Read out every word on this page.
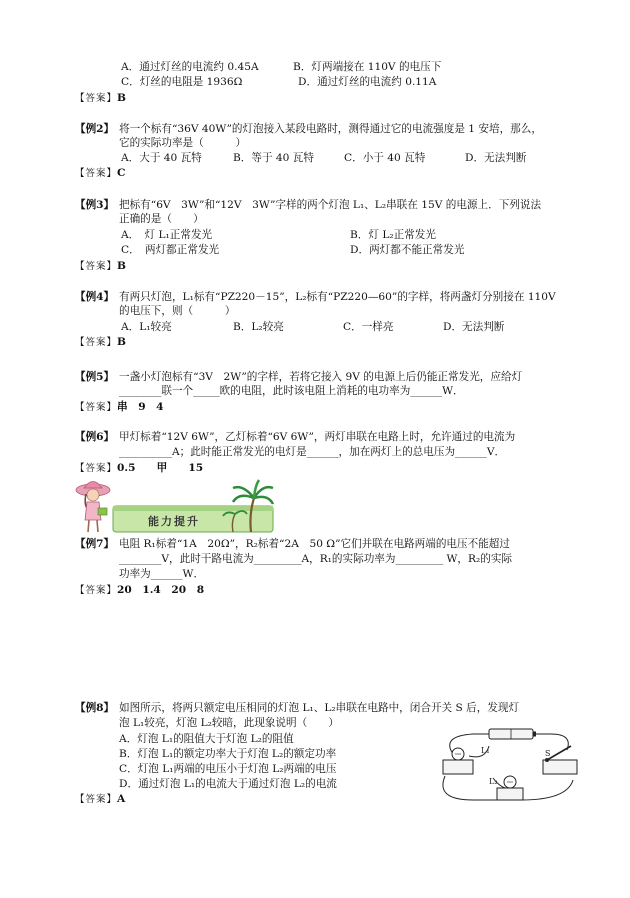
A．通过灯丝的电流约 0.45A	B．灯两端接在 110V 的电压下
C．灯丝的电阻是 1936Ω	D．通过灯丝的电流约 0.11A
【答案】B
【例2】 将一个标有“36V 40W”的灯泡接入某段电路时，测得通过它的电流强度是 1 安培，那么，
它的实际功率是（　　　）
A．大于 40 瓦特	B．等于 40 瓦特	C．小于 40 瓦特	D．无法判断
【答案】C
【例3】 把标有“6V　3W”和“12V　3W”字样的两个灯泡 L₁、L₂串联在 15V 的电源上．下列说法
正确的是（　　）
A．　灯 L₁正常发光	B．灯 L₂正常发光
C．　两灯都正常发光	D．两灯都不能正常发光
【答案】B
【例4】 有两只灯泡，L₁标有“PZ220－15”，L₂标有“PZ220—60”的字样，将两盏灯分别接在 110V
的电压下，则（　　　）
A．L₁较亮	B．L₂较亮	C．一样亮	D．无法判断
【答案】B
【例5】 一盏小灯泡标有“3V　2W”的字样，若将它接入 9V 的电源上后仍能正常发光，应给灯
________联一个_____欧的电阻，此时该电阻上消耗的电功率为______W．
【答案】串　9　4
【例6】 甲灯标着“12V 6W”，乙灯标着“6V 6W”，两灯串联在电路上时，允许通过的电流为
__________A；此时能正常发光的电灯是______，加在两灯上的总电压为______V．
【答案】0.5　　甲　　15
能力提升
【例7】 电阻 R₁标着“1A　20Ω”，R₂标着“2A　50 Ω”它们并联在电路两端的电压不能超过
________V，此时干路电流为_________A，R₁的实际功率为_________ W，R₂的实际
功率为______W．
【答案】20　1.4　20　8
【例8】 如图所示，将两只额定电压相同的灯泡 L₁、L₂串联在电路中，闭合开关 S 后，发现灯
泡 L₁较亮，灯泡 L₂较暗，此现象说明（　　）
A．灯泡 L₁的阻值大于灯泡 L₂的阻值
B．灯泡 L₁的额定功率大于灯泡 L₂的额定功率
C．灯泡 L₁两端的电压小于灯泡 L₂两端的电压
D．通过灯泡 L₁的电流大于通过灯泡 L₂的电流
【答案】A
L₁
L₂
S
